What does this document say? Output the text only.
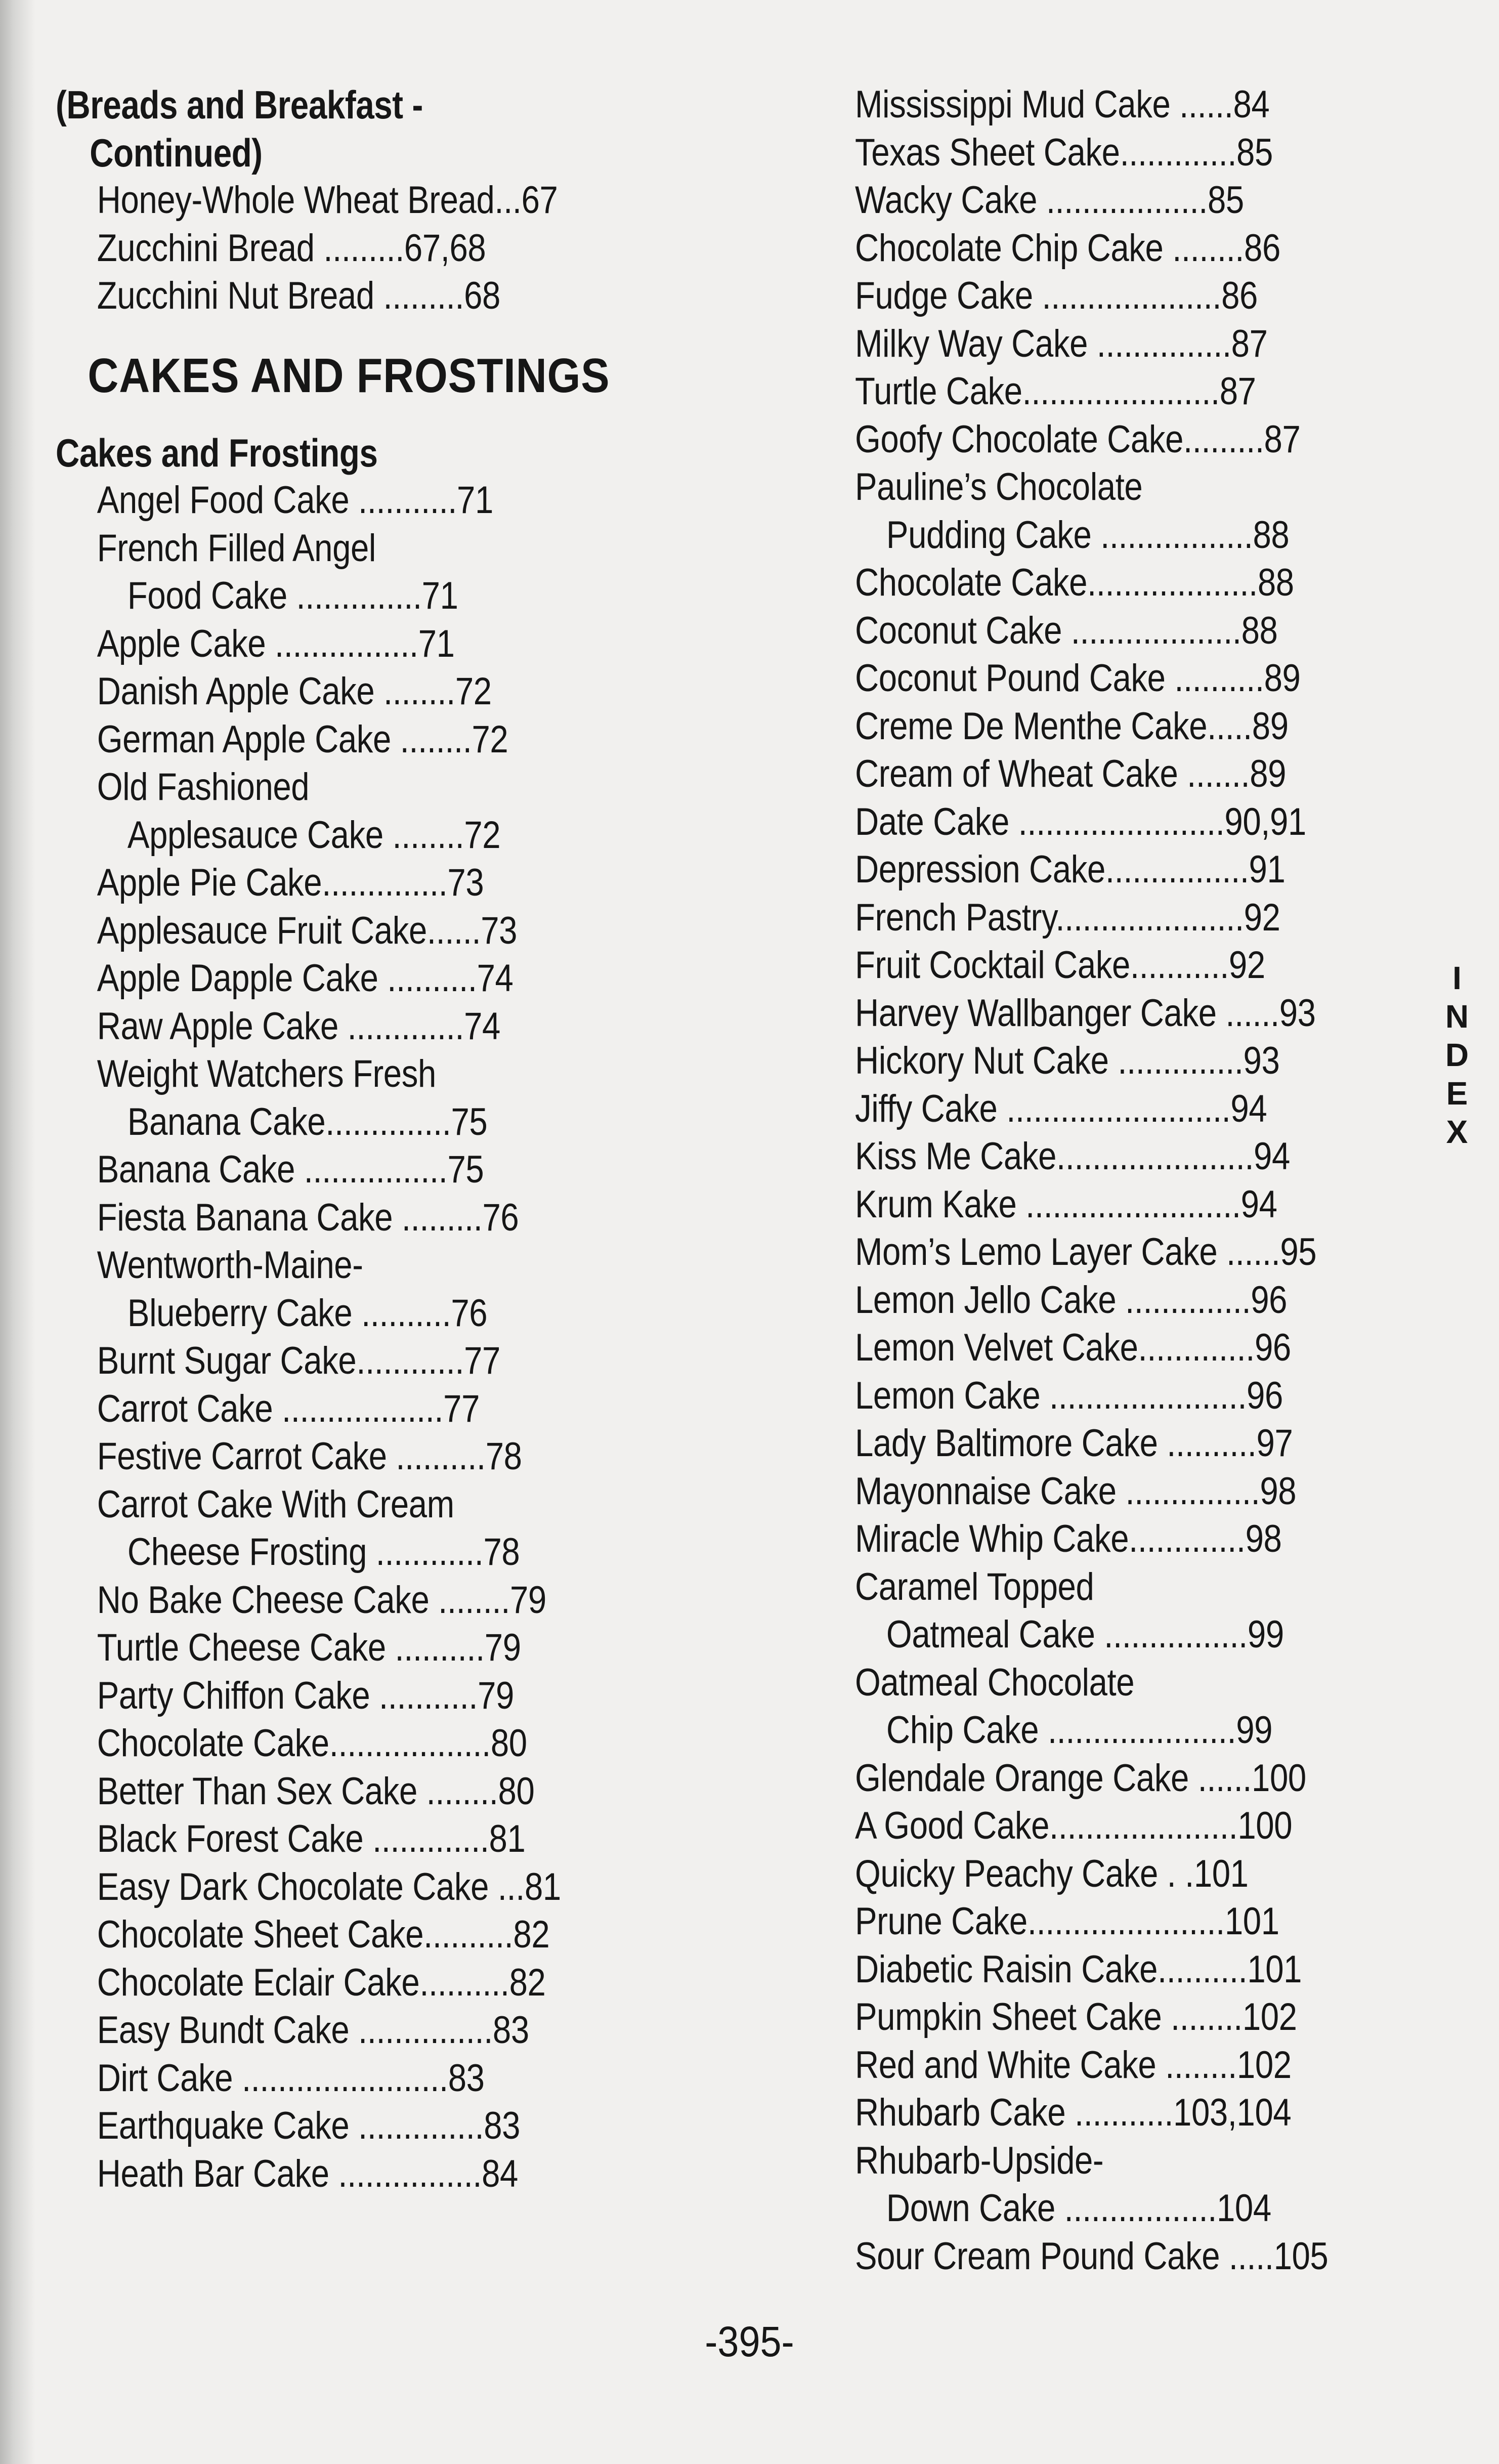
(Breads and Breakfast -
Continued)
Honey-Whole Wheat Bread...67
Zucchini Bread .........67,68
Zucchini Nut Bread .........68
CAKES AND FROSTINGS
Cakes and Frostings
Angel Food Cake ...........71
French Filled Angel
Food Cake ..............71
Apple Cake ................71
Danish Apple Cake ........72
German Apple Cake ........72
Old Fashioned
Applesauce Cake ........72
Apple Pie Cake..............73
Applesauce Fruit Cake......73
Apple Dapple Cake ..........74
Raw Apple Cake .............74
Weight Watchers Fresh
Banana Cake..............75
Banana Cake ................75
Fiesta Banana Cake .........76
Wentworth-Maine-
Blueberry Cake ..........76
Burnt Sugar Cake............77
Carrot Cake ..................77
Festive Carrot Cake ..........78
Carrot Cake With Cream
Cheese Frosting ............78
No Bake Cheese Cake ........79
Turtle Cheese Cake ..........79
Party Chiffon Cake ...........79
Chocolate Cake..................80
Better Than Sex Cake ........80
Black Forest Cake .............81
Easy Dark Chocolate Cake ...81
Chocolate Sheet Cake..........82
Chocolate Eclair Cake..........82
Easy Bundt Cake ...............83
Dirt Cake .......................83
Earthquake Cake ..............83
Heath Bar Cake ................84
Mississippi Mud Cake ......84
Texas Sheet Cake.............85
Wacky Cake ..................85
Chocolate Chip Cake ........86
Fudge Cake ....................86
Milky Way Cake ...............87
Turtle Cake......................87
Goofy Chocolate Cake.........87
Pauline’s Chocolate
Pudding Cake .................88
Chocolate Cake...................88
Coconut Cake ...................88
Coconut Pound Cake ..........89
Creme De Menthe Cake.....89
Cream of Wheat Cake .......89
Date Cake .......................90,91
Depression Cake................91
French Pastry.....................92
Fruit Cocktail Cake...........92
Harvey Wallbanger Cake ......93
Hickory Nut Cake ..............93
Jiffy Cake .........................94
Kiss Me Cake......................94
Krum Kake ........................94
Mom’s Lemo Layer Cake ......95
Lemon Jello Cake ..............96
Lemon Velvet Cake.............96
Lemon Cake ......................96
Lady Baltimore Cake ..........97
Mayonnaise Cake ...............98
Miracle Whip Cake.............98
Caramel Topped
Oatmeal Cake ................99
Oatmeal Chocolate
Chip Cake .....................99
Glendale Orange Cake ......100
A Good Cake.....................100
Quicky Peachy Cake . .101
Prune Cake......................101
Diabetic Raisin Cake..........101
Pumpkin Sheet Cake ........102
Red and White Cake ........102
Rhubarb Cake ...........103,104
Rhubarb-Upside-
Down Cake .................104
Sour Cream Pound Cake .....105
I
N
D
E
X
-395-
